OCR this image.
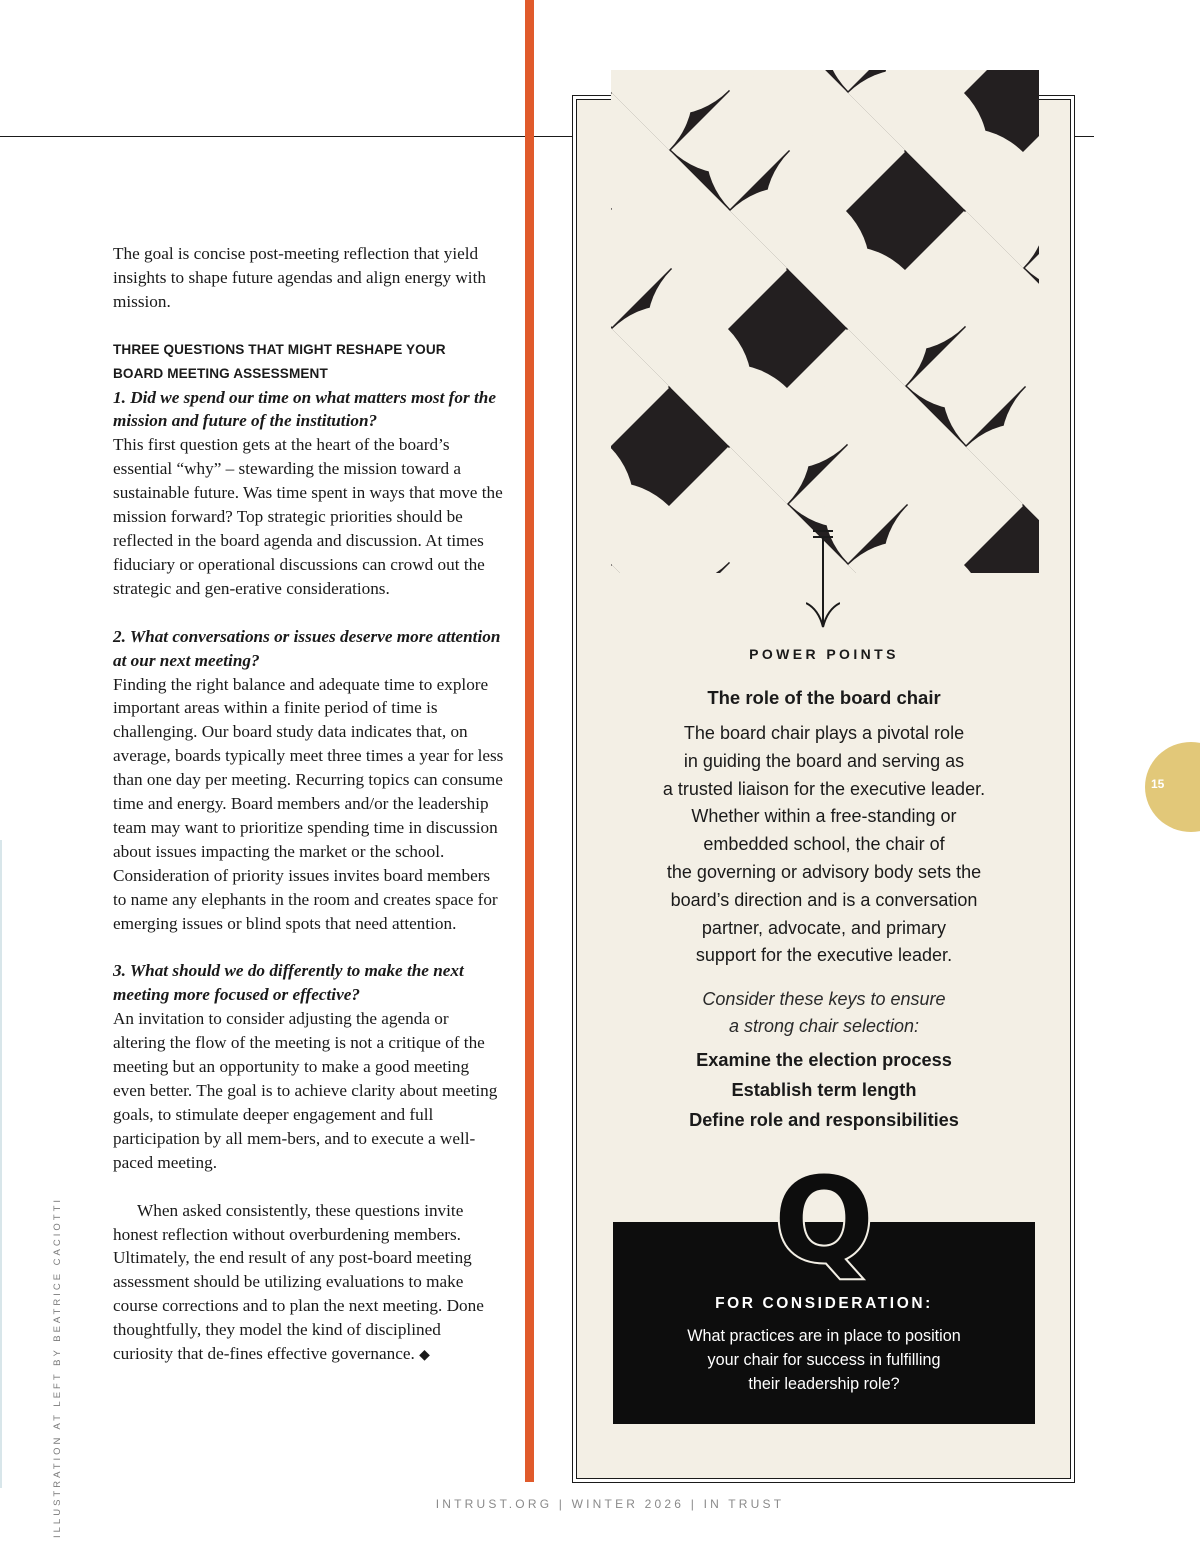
ILLUSTRATION AT LEFT BY BEATRICE CACIOTTI

The goal is concise post-meeting reflection that yield insights to shape future agendas and align energy with mission.

THREE QUESTIONS THAT MIGHT RESHAPE YOUR
BOARD MEETING ASSESSMENT

1. Did we spend our time on what matters most for the mission and future of the institution?

This first question gets at the heart of the board’s essential “why” – stewarding the mission toward a sustainable future. Was time spent in ways that move the mission forward? Top strategic priorities should be reflected in the board agenda and discussion. At times fiduciary or operational discussions can crowd out the strategic and gen-erative considerations.

2. What conversations or issues deserve more attention at our next meeting?

Finding the right balance and adequate time to explore important areas within a finite period of time is challenging. Our board study data indicates that, on average, boards typically meet three times a year for less than one day per meeting. Recurring topics can consume time and energy. Board members and/or the leadership team may want to prioritize spending time in discussion about issues impacting the market or the school. Consideration of priority issues invites board members to name any elephants in the room and creates space for emerging issues or blind spots that need attention.

3. What should we do differently to make the next meeting more focused or effective?

An invitation to consider adjusting the agenda or altering the flow of the meeting is not a critique of the meeting but an opportunity to make a good meeting even better. The goal is to achieve clarity about meeting goals, to stimulate deeper engagement and full participation by all mem-bers, and to execute a well-paced meeting.

When asked consistently, these questions invite honest reflection without overburdening members. Ultimately, the end result of any post-board meeting assessment should be utilizing evaluations to make course corrections and to plan the next meeting. Done thoughtfully, they model the kind of disciplined curiosity that de-fines effective governance. ◆

POWER POINTS
The role of the board chair
The board chair plays a pivotal role
in guiding the board and serving as
a trusted liaison for the executive leader.
Whether within a free-standing or
embedded school, the chair of
the governing or advisory body sets the
board’s direction and is a conversation
partner, advocate, and primary
support for the executive leader.
Consider these keys to ensure
a strong chair selection:
Examine the election process
Establish term length
Define role and responsibilities
Q
FOR CONSIDERATION:
What practices are in place to position
your chair for success in fulfilling
their leadership role?
15
INTRUST.ORG | WINTER 2026 | IN TRUST
